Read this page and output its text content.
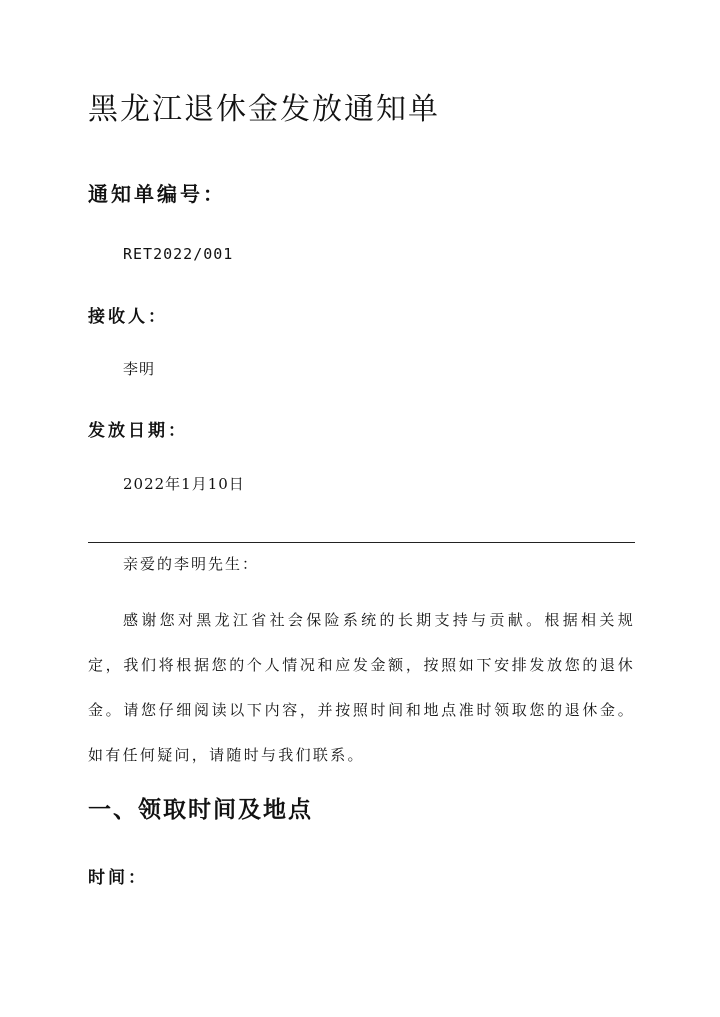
黑龙江退休金发放通知单
通知单编号：
RET2022/001
接收人：
李明
发放日期：
2022年1月10日
亲爱的李明先生：
感谢您对黑龙江省社会保险系统的长期支持与贡献。根据相关规定，我们将根据您的个人情况和应发金额，按照如下安排发放您的退休金。请您仔细阅读以下内容，并按照时间和地点准时领取您的退休金。如有任何疑问，请随时与我们联系。
一、领取时间及地点
时间：
